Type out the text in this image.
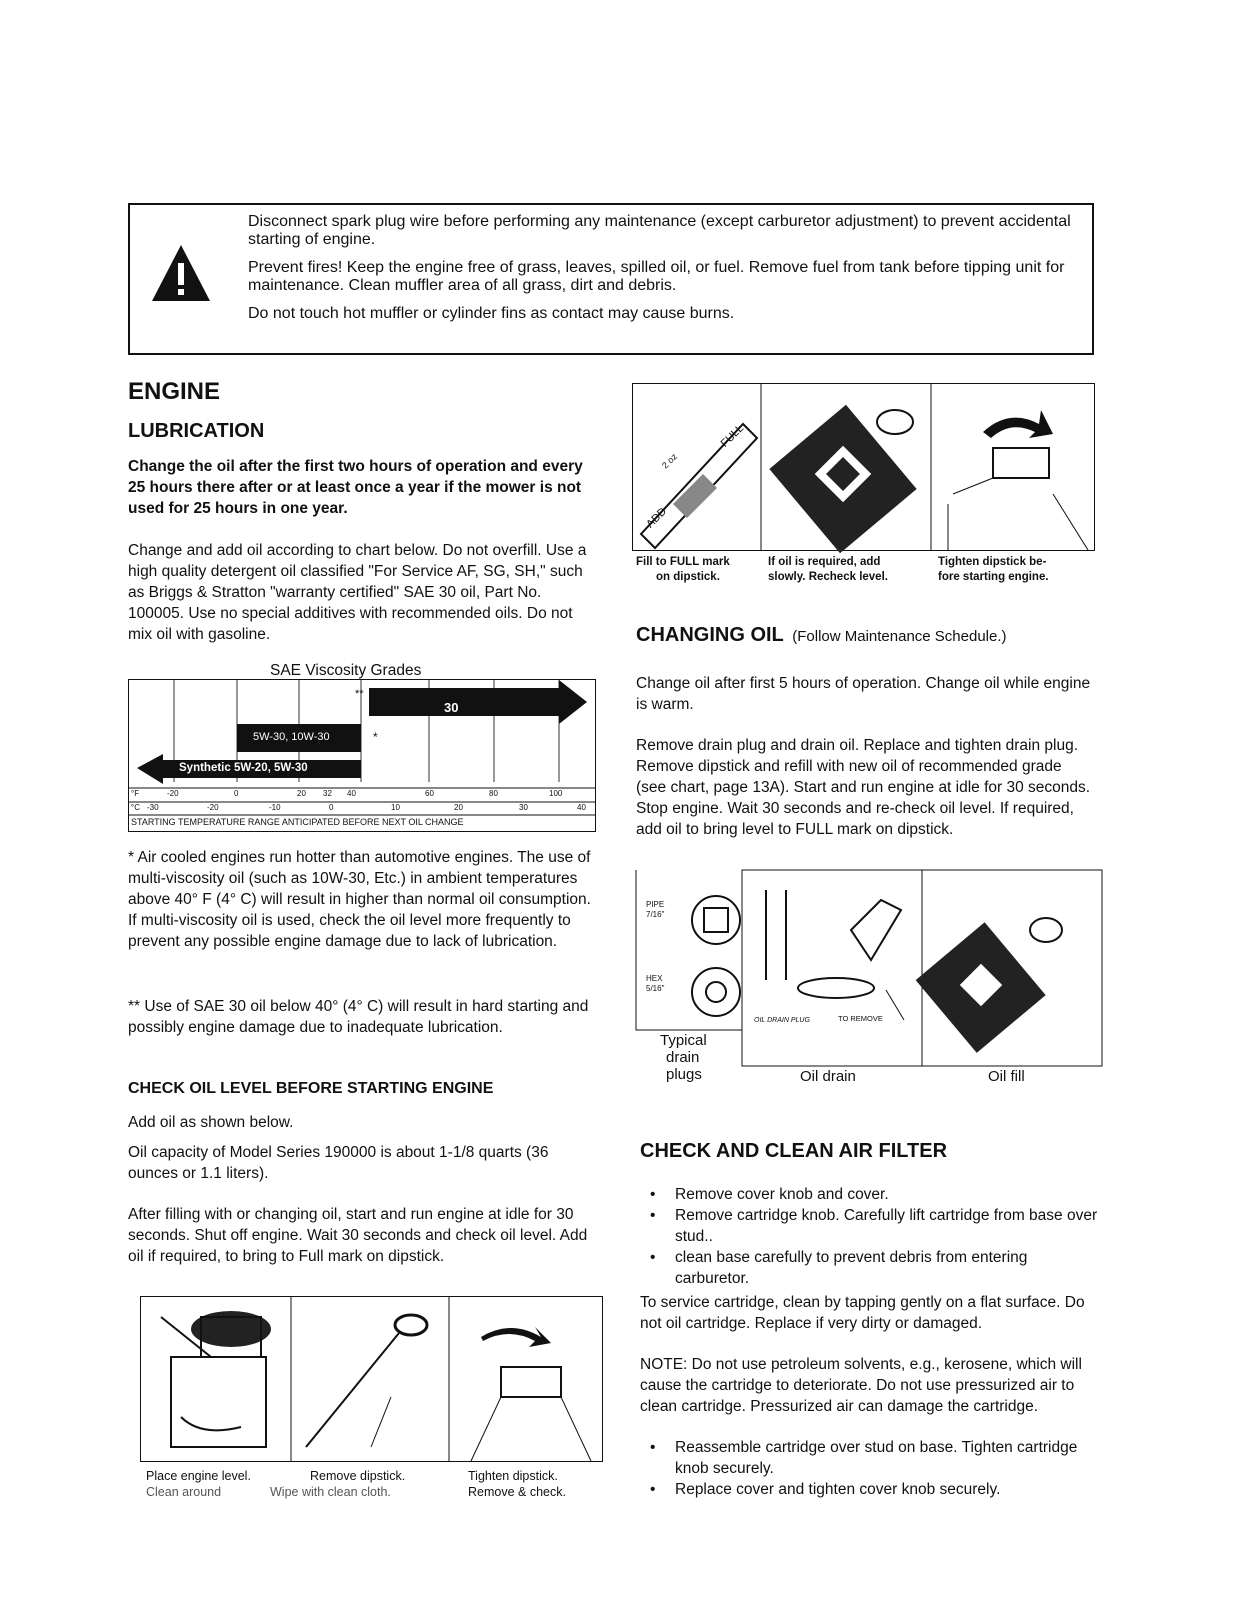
Disconnect spark plug wire before performing any maintenance (except carburetor adjustment) to prevent accidental starting of engine.

Prevent fires! Keep the engine free of grass, leaves, spilled oil, or fuel. Remove fuel from tank before tipping unit for maintenance. Clean muffler area of all grass, dirt and debris.

Do not touch hot muffler or cylinder fins as contact may cause burns.

ENGINE
LUBRICATION

Change the oil after the first two hours of operation and every 25 hours there after or at least once a year if the mower is not used for 25 hours in one year.

Change and add oil according to chart below. Do not overfill. Use a high quality detergent oil classified "For Service AF, SG, SH," such as Briggs & Stratton "warranty certified" SAE 30 oil, Part No. 100005. Use no special additives with recommended oils. Do not mix oil with gasoline.

SAE Viscosity Grades
30
**
5W-30, 10W-30	*
Synthetic 5W-20, 5W-30
°F	-20	0	20 32 40	60	80	100
°C -30	-20	-10	0	10	20	30	40
STARTING TEMPERATURE RANGE ANTICIPATED BEFORE NEXT OIL CHANGE

* Air cooled engines run hotter than automotive engines. The use of multi-viscosity oil (such as 10W-30, Etc.) in ambient temperatures above 40° F (4° C) will result in higher than normal oil consumption. If multi-viscosity oil is used, check the oil level more frequently to prevent any possible engine damage due to lack of lubrication.

** Use of SAE 30 oil below 40° (4° C) will result in hard starting and possibly engine damage due to inadequate lubrication.

CHECK OIL LEVEL BEFORE STARTING ENGINE

Add oil as shown below.

Oil capacity of Model Series 190000 is about 1-1/8 quarts (36 ounces or 1.1 liters).

After filling with or changing oil, start and run engine at idle for 30 seconds. Shut off engine. Wait 30 seconds and check oil level. Add oil if required, to bring to Full mark on dipstick.

Place engine level.
Clean around
Remove dipstick.
Wipe with clean cloth.
Tighten dipstick.
Remove & check.
FULL
ADD
2 oz
Fill to FULL mark
on dipstick.
If oil is required, add
slowly. Recheck level.
Tighten dipstick be-
fore starting engine.
CHANGING OIL (Follow Maintenance Schedule.)

Change oil after first 5 hours of operation. Change oil while engine is warm.

Remove drain plug and drain oil. Replace and tighten drain plug. Remove dipstick and refill with new oil of recommended grade (see chart, page 13A). Start and run engine at idle for 30 seconds. Stop engine. Wait 30 seconds and re-check oil level. If required, add oil to bring level to FULL mark on dipstick.

PIPE
7/16"
HEX
5/16"
OIL DRAIN PLUG	TO REMOVE
Typical
drain
plugs	Oil drain	Oil fill
CHECK AND CLEAN AIR FILTER
• Remove cover knob and cover.
• Remove cartridge knob. Carefully lift cartridge from base over stud..
• clean base carefully to prevent debris from entering carburetor.

To service cartridge, clean by tapping gently on a flat surface. Do not oil cartridge. Replace if very dirty or damaged.

NOTE: Do not use petroleum solvents, e.g., kerosene, which will cause the cartridge to deteriorate. Do not use pressurized air to clean cartridge. Pressurized air can damage the cartridge.

• Reassemble cartridge over stud on base. Tighten cartridge knob securely.
• Replace cover and tighten cover knob securely.
